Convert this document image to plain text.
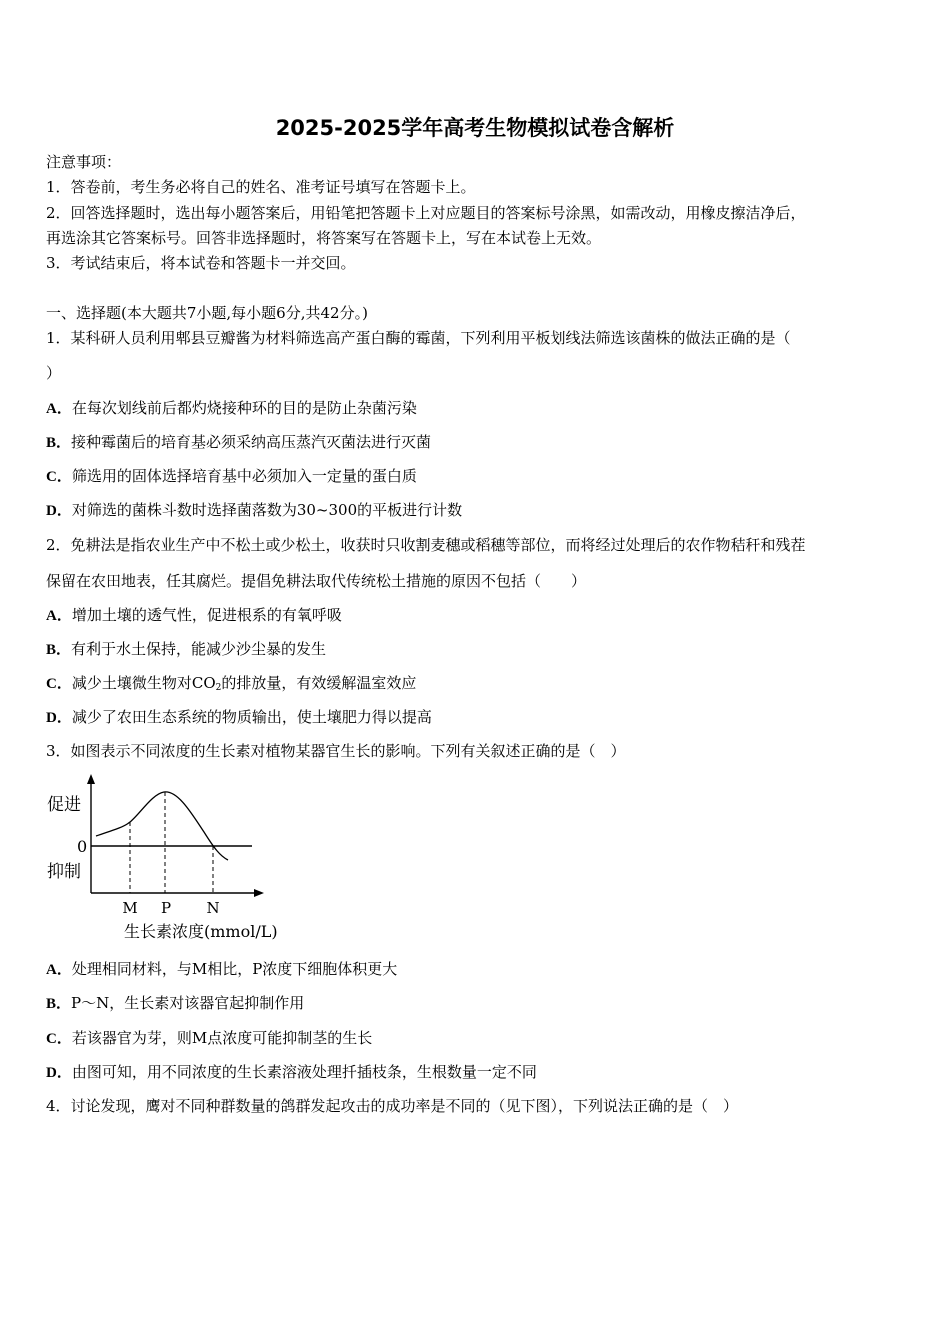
2025-2025学年高考生物模拟试卷含解析
注意事项：
1．答卷前，考生务必将自己的姓名、准考证号填写在答题卡上。
2．回答选择题时，选出每小题答案后，用铅笔把答题卡上对应题目的答案标号涂黑，如需改动，用橡皮擦洁净后，
再选涂其它答案标号。回答非选择题时，将答案写在答题卡上，写在本试卷上无效。
3．考试结束后，将本试卷和答题卡一并交回。
一、选择题(本大题共7小题,每小题6分,共42分。)
1．某科研人员利用郫县豆瓣酱为材料筛选高产蛋白酶的霉菌，下列利用平板划线法筛选该菌株的做法正确的是（
）
A．在每次划线前后都灼烧接种环的目的是防止杂菌污染
B．接种霉菌后的培育基必须采纳高压蒸汽灭菌法进行灭菌
C．筛选用的固体选择培育基中必须加入一定量的蛋白质
D．对筛选的菌株斗数时选择菌落数为30~300的平板进行计数
2．免耕法是指农业生产中不松土或少松土，收获时只收割麦穗或稻穗等部位，而将经过处理后的农作物秸秆和残茬
保留在农田地表，任其腐烂。提倡免耕法取代传统松土措施的原因不包括（　　）
A．增加土壤的透气性，促进根系的有氧呼吸
B．有利于水土保持，能减少沙尘暴的发生
C．减少土壤微生物对$CO_2$的排放量，有效缓解温室效应
D．减少了农田生态系统的物质输出，使土壤肥力得以提高
3．如图表示不同浓度的生长素对植物某器官生长的影响。下列有关叙述正确的是（　）
促进
0
抑制
M P N
生长素浓度(mmol/L)
A．处理相同材料，与M相比，P浓度下细胞体积更大
B．P～N，生长素对该器官起抑制作用
C．若该器官为芽，则M点浓度可能抑制茎的生长
D．由图可知，用不同浓度的生长素溶液处理扦插枝条，生根数量一定不同
4．讨论发现，鹰对不同种群数量的鸽群发起攻击的成功率是不同的（见下图），下列说法正确的是（　）
